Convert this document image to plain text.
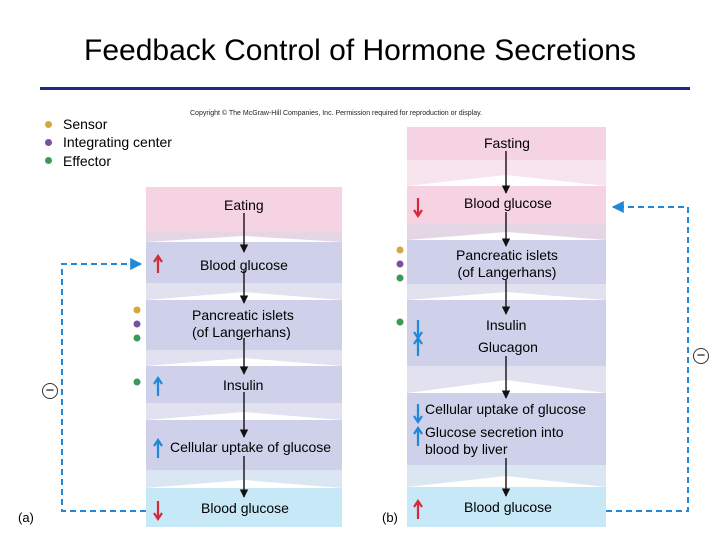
Feedback Control of Hormone Secretions
Copyright © The McGraw-Hill Companies, Inc. Permission required for reproduction or display.
Sensor
Integrating center
Effector
−
−
Eating
Blood glucose
Pancreatic islets
(of Langerhans)
Insulin
Cellular uptake of glucose
Blood glucose
(a)
Fasting
Blood glucose
Pancreatic islets
(of Langerhans)
Insulin
Glucagon
Cellular uptake of glucose
Glucose secretion into
blood by liver
Blood glucose
(b)
